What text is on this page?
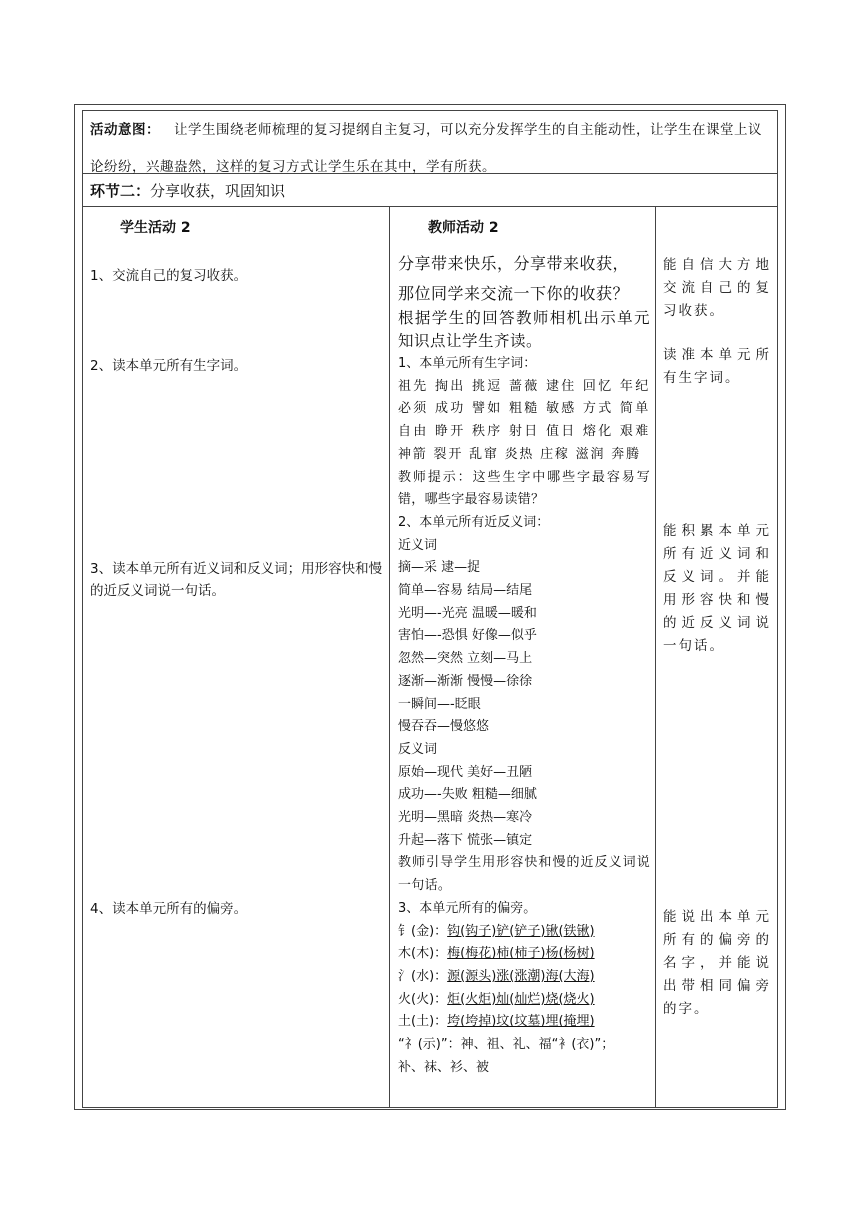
活动意图： 让学生围绕老师梳理的复习提纲自主复习，可以充分发挥学生的自主能动性，让学生在课堂上议论纷纷，兴趣盎然，这样的复习方式让学生乐在其中，学有所获。
环节二：分享收获，巩固知识
学生活动 2	教师活动 2
1、交流自己的复习收获。
2、读本单元所有生字词。
3、读本单元所有近义词和反义词；用形容快和慢的近反义词说一句话。
4、读本单元所有的偏旁。
分享带来快乐，分享带来收获，
那位同学来交流一下你的收获？
根据学生的回答教师相机出示单元知识点让学生齐读。
1、本单元所有生字词：
祖先 掏出 挑逗 蔷薇 逮住 回忆 年纪 必须 成功 譬如 粗糙 敏感 方式 简单 自由 睁开 秩序 射日 值日 熔化 艰难 神箭 裂开 乱窜 炎热 庄稼 滋润 奔腾
教师提示：这些生字中哪些字最容易写错，哪些字最容易读错？
2、本单元所有近反义词：
近义词
摘—采 逮—捉
简单—容易 结局—结尾
光明—-光亮 温暖—暖和
害怕—-恐惧 好像—似乎
忽然—突然 立刻—马上
逐渐—渐渐 慢慢—徐徐
一瞬间—-眨眼
慢吞吞—慢悠悠
反义词
原始—现代 美好—丑陋
成功—-失败 粗糙—细腻
光明—黑暗 炎热—寒冷
升起—落下 慌张—镇定
教师引导学生用形容快和慢的近反义词说一句话。
3、本单元所有的偏旁。
钅(金)：钩(钩子)铲(铲子)锹(铁锹)
木(木)：梅(梅花)柿(柿子)杨(杨树)
氵(水)：源(源头)涨(涨潮)海(大海)
火(火)：炬(火炬)灿(灿烂)烧(烧火)
土(土)：垮(垮掉)坟(坟墓)埋(掩埋)
“礻(示)”：神、祖、礼、福“衤(衣)”；
补、袜、衫、被
能自信大方地交流自己的复习收获。
读准本单元所有生字词。
能积累本单元所有近义词和反义词。并能用形容快和慢的近反义词说一句话。
能说出本单元所有的偏旁的名字，并能说出带相同偏旁的字。
